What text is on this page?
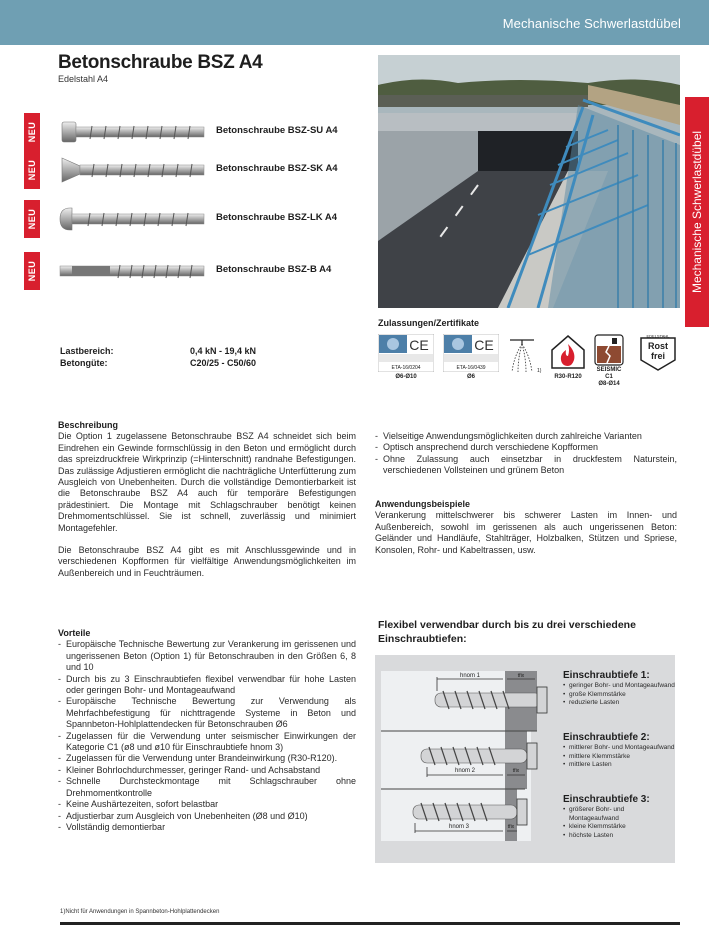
Mechanische Schwerlastdübel
Betonschraube BSZ A4
Edelstahl A4
NEU	Betonschraube BSZ-SU A4
NEU	Betonschraube BSZ-SK A4
NEU	Betonschraube BSZ-LK A4
NEU	Betonschraube BSZ-B A4	Mechanische Schwerlastdübel
Zulassungen/Zertifikate
CE
ETA-16/0204
Ø6-Ø10
CE
ETA-16/0439
Ø6
1)
R30-R120
SEISMIC
C1
Ø8-Ø14
EDELSTAHL
Rost
frei
Lastbereich:	0,4 kN - 19,4 kN
Betongüte:	C20/25 - C50/60
Beschreibung

Die Option 1 zugelassene Betonschraube BSZ A4 schneidet sich beim Eindrehen ein Gewinde formschlüssig in den Beton und ermöglicht durch das spreizdruckfreie Wirkprinzip (=Hinterschnitt) randnahe Befestigungen. Das zulässige Adjustieren ermöglicht die nachträgliche Unterfütterung zum Ausgleich von Unebenheiten. Durch die vollständige Demontierbarkeit ist die Betonschraube BSZ A4 auch für temporäre Befestigungen prädestiniert. Die Montage mit Schlagschrauber benötigt keinen Drehmomentschlüssel. Sie ist schnell, zuverlässig und minimiert Montagefehler.

Die Betonschraube BSZ A4 gibt es mit Anschlussgewinde und in verschiedenen Kopfformen für vielfältige Anwendungsmöglichkeiten im Außenbereich und in Feuchträumen.

Vorteile
- Europäische Technische Bewertung zur Verankerung im gerissenen und ungerissenen Beton (Option 1) für Betonschrauben in den Größen 6, 8 und 10
- Durch bis zu 3 Einschraubtiefen flexibel verwendbar für hohe Lasten oder geringen Bohr- und Montageaufwand
- Europäische Technische Bewertung zur Verwendung als Mehrfachbefestigung für nichttragende Systeme in Beton und Spannbeton-Hohlplattendecken für Betonschrauben Ø6
- Zugelassen für die Verwendung unter seismischer Einwirkungen der Kategorie C1 (ø8 und ø10 für Einschraubtiefe hnom 3)
- Zugelassen für die Verwendung unter Brandeinwirkung (R30-R120).
- Kleiner Bohrlochdurchmesser, geringer Rand- und Achsabstand
- Schnelle Durchsteckmontage mit Schlagschrauber ohne Drehmomentkontrolle
- Keine Aushärtezeiten, sofort belastbar
- Adjustierbar zum Ausgleich von Unebenheiten (Ø8 und Ø10)
- Vollständig demontierbar
- Vielseitige Anwendungsmöglichkeiten durch zahlreiche Varianten
- Optisch ansprechend durch verschiedene Kopfformen
- Ohne Zulassung auch einsetzbar in druckfestem Naturstein, verschiedenen Vollsteinen und grünem Beton
Anwendungsbeispiele

Verankerung mittelschwerer bis schwerer Lasten im Innen- und Außenbereich, sowohl im gerissenen als auch ungerissenen Beton: Geländer und Handläufe, Stahlträger, Holzbalken, Stützen und Spriese, Konsolen, Rohr- und Kabeltrassen, usw.

Flexibel verwendbar durch bis zu drei verschiedene Einschraubtiefen:
hnom 1	tfix
hnom 2	tfix
hnom 3	tfix
Einschraubtiefe 1:
• geringer Bohr- und Montageaufwand
• große Klemmstärke
• reduzierte Lasten
Einschraubtiefe 2:
• mittlerer Bohr- und Montageaufwand
• mittlere Klemmstärke
• mittlere Lasten
Einschraubtiefe 3:
• größerer Bohr- und Montageaufwand
• kleine Klemmstärke
• höchste Lasten
1)Nicht für Anwendungen in Spannbeton-Hohlplattendecken
